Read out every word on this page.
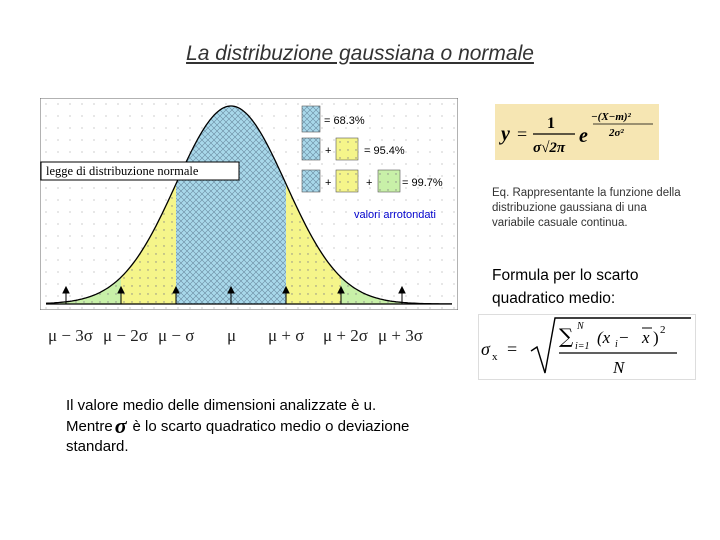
La distribuzione gaussiana o normale
legge di distribuzione normale
= 68.3%
+	= 95.4%
+	+	= 99.7%
valori arrotondati
μ − 3σ μ − 2σ μ − σ μ μ + σ μ + 2σ μ + 3σ
y =
1
σ√2π
e
−(X−m)²
2σ²
Eq. Rappresentante la funzione della distribuzione gaussiana di una variabile casuale continua.
Formula per lo scarto quadratico medio:
σ x =
∑ N
i=1 (x i − x ) 2
N
Il valore medio delle dimensioni analizzate è u.
Mentreσ è lo scarto quadratico medio o deviazione
standard.
